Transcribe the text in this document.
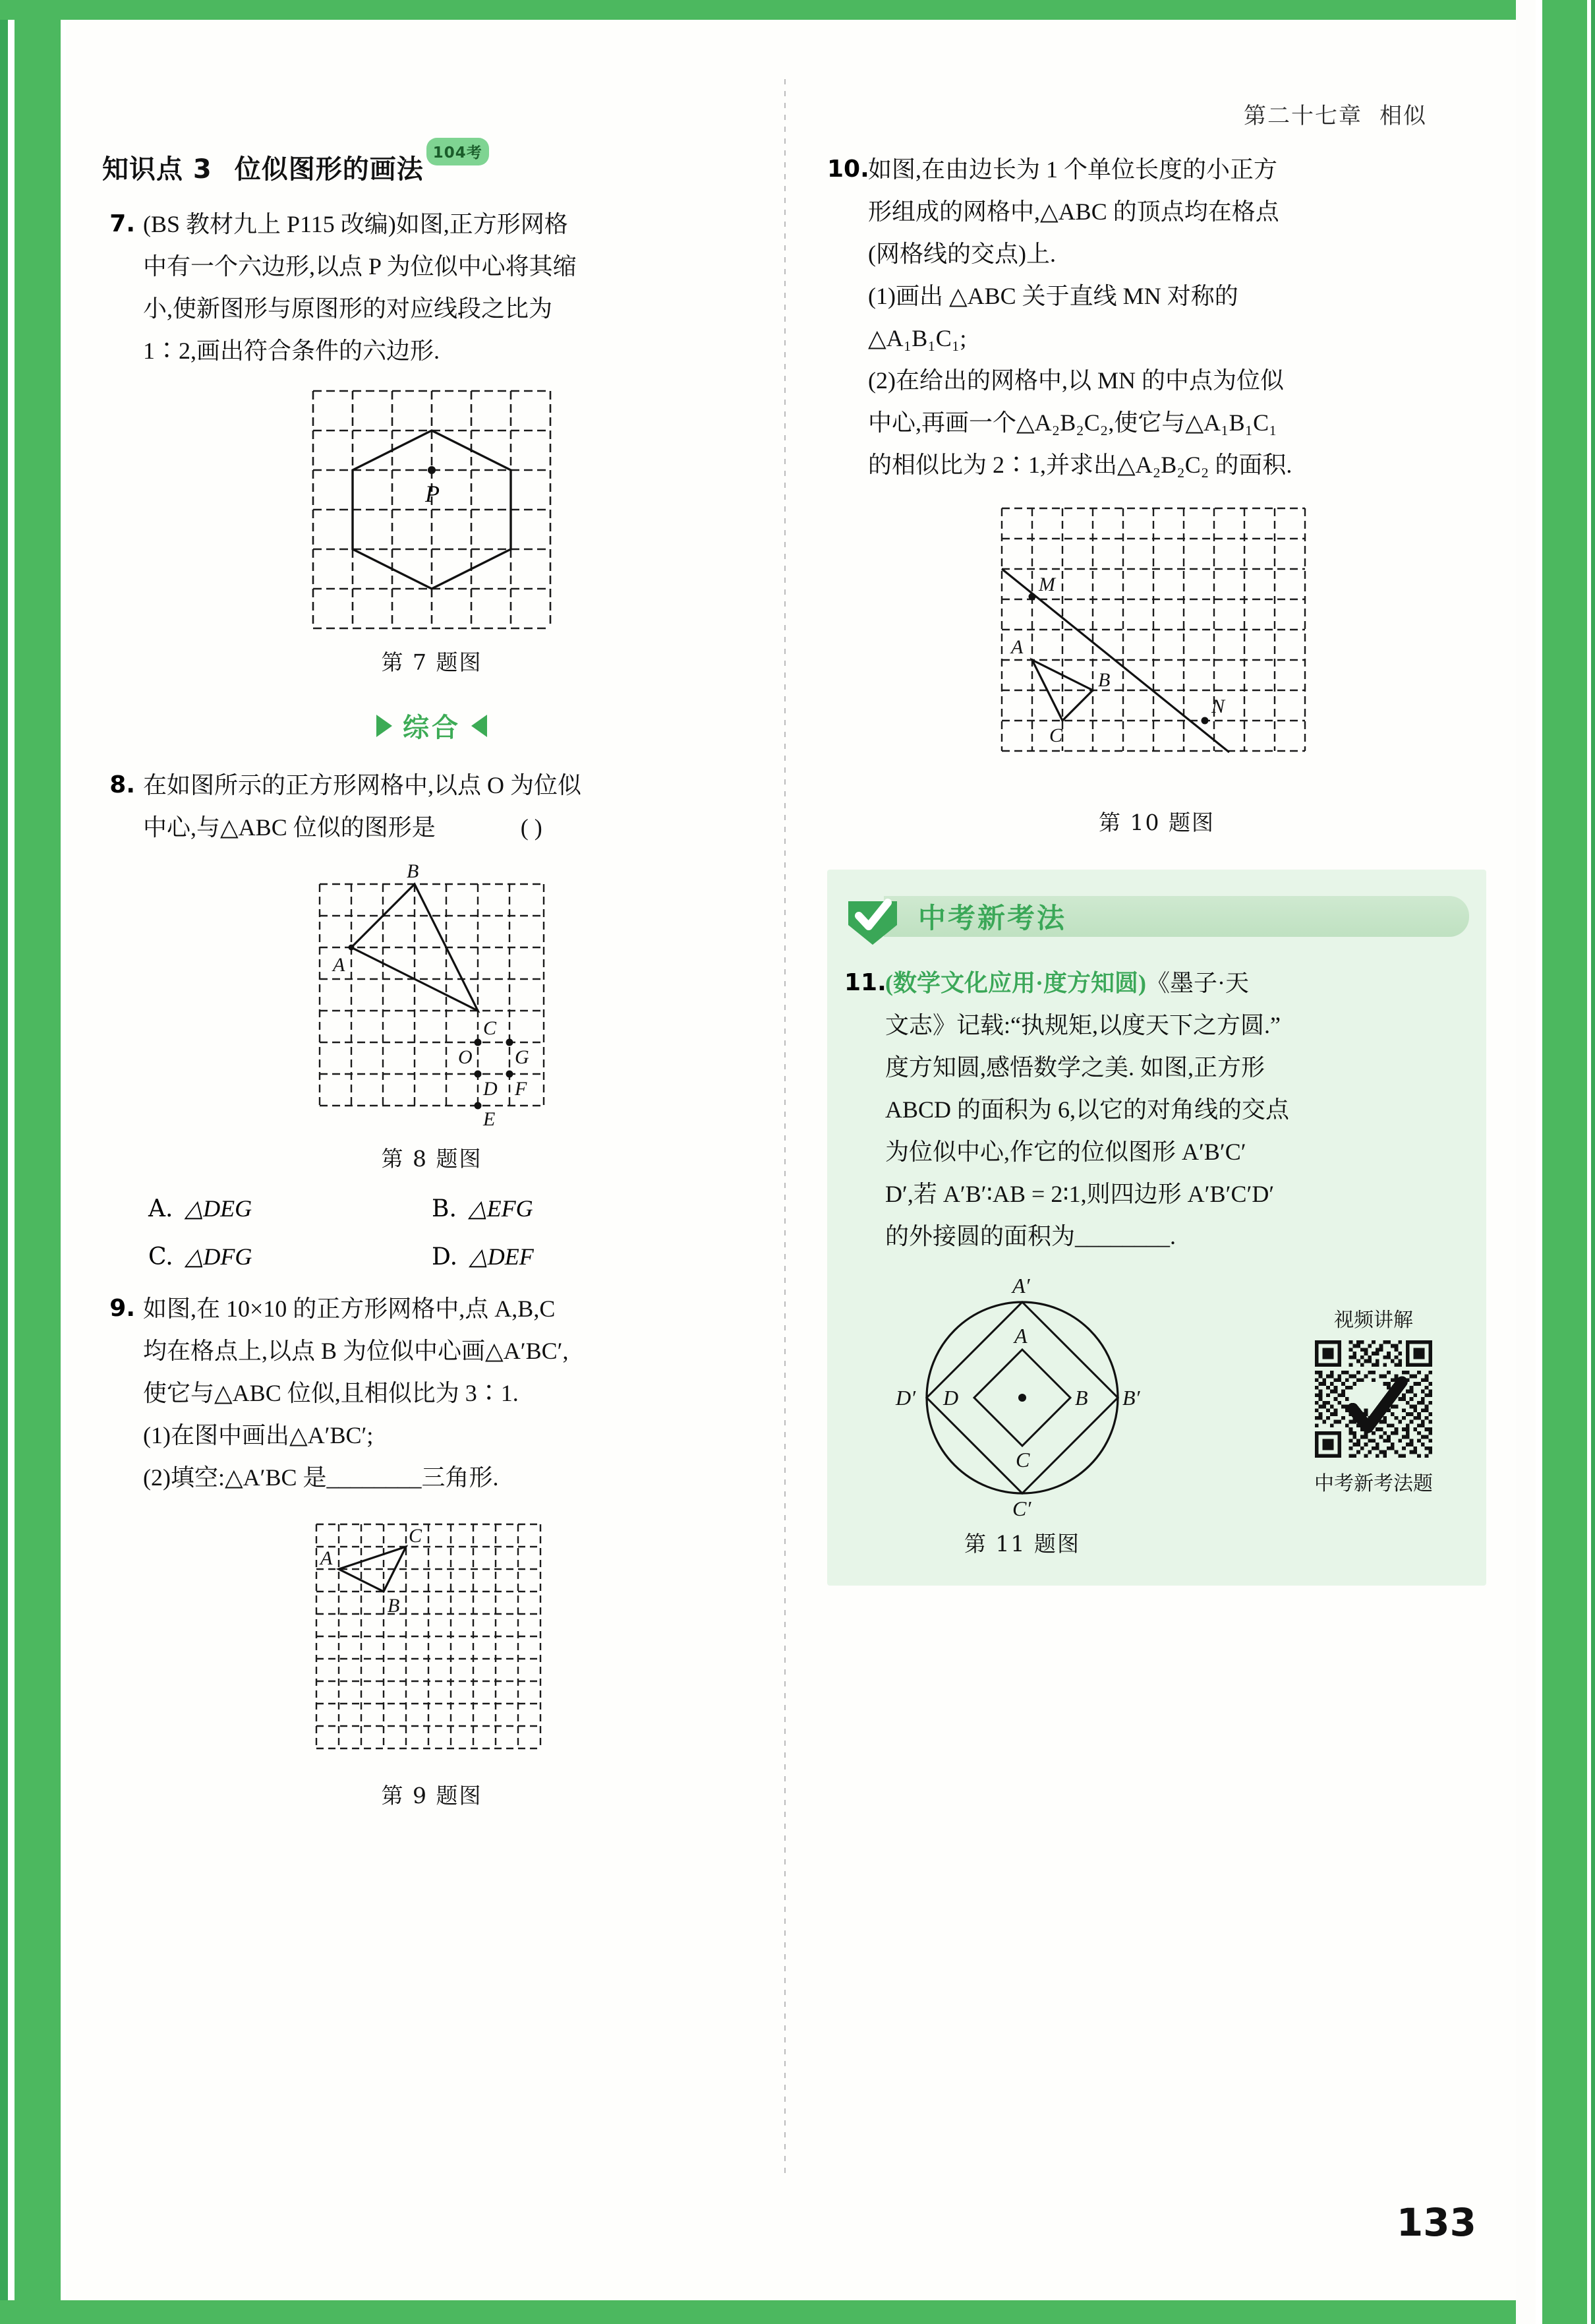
第二十七章 相似
知识点 3 位似图形的画法
104考
7. (BS 教材九上 P115 改编)如图,正方形网格
中有一个六边形,以点 P 为位似中心将其缩
小,使新图形与原图形的对应线段之比为
1∶2,画出符合条件的六边形.
P
第 7 题图
综合
8. 在如图所示的正方形网格中,以点 O 为位似
中心,与△ABC 位似的图形是	( )
B
A
C
O G
D F
E
第 8 题图
A. △DEG	B. △EFG
C. △DFG	D. △DEF
9. 如图,在 10×10 的正方形网格中,点 A,B,C
均在格点上,以点 B 为位似中心画△A′BC′,
使它与△ABC 位似,且相似比为 3∶1.
(1)在图中画出△A′BC′;
(2)填空:△A′BC 是________三角形.
C
A
B
第 9 题图
10.
如图,在由边长为 1 个单位长度的小正方
形组成的网格中,△ABC 的顶点均在格点
(网格线的交点)上.
(1)画出 △ABC 关于直线 MN 对称的
△A₁B₁C₁;
(2)在给出的网格中,以 MN 的中点为位似
中心,再画一个△A₂B₂C₂,使它与△A₁B₁C₁
的相似比为 2∶1,并求出△A₂B₂C₂ 的面积.
M
A
B
C
N
第 10 题图
中考新考法
11.
(数学文化应用·度方知圆)《墨子·天
文志》记载:“执规矩,以度天下之方圆.”
度方知圆,感悟数学之美. 如图,正方形
ABCD 的面积为 6,以它的对角线的交点
为位似中心,作它的位似图形 A′B′C′
D′,若 A′B′∶AB = 2∶1,则四边形 A′B′C′D′
的外接圆的面积为________.
A′
A
D′ D	B B′
C
C′
第 11 题图
视频讲解
中考新考法题
133
